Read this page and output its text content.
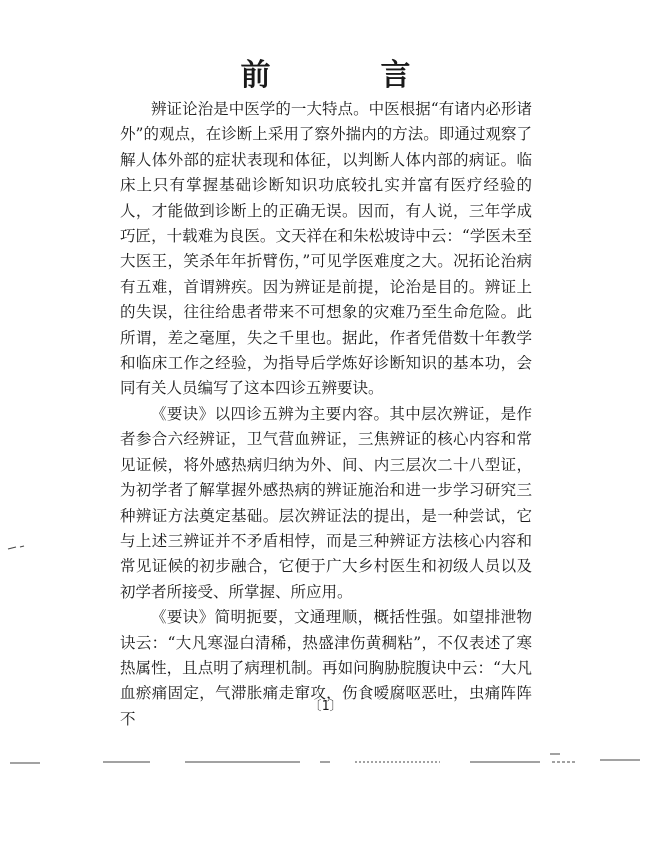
前　言

辨证论治是中医学的一大特点。中医根据“有诸内必形诸外”的观点，在诊断上采用了察外揣内的方法。即通过观察了解人体外部的症状表现和体征，以判断人体内部的病证。临床上只有掌握基础诊断知识功底较扎实并富有医疗经验的人，才能做到诊断上的正确无误。因而，有人说，三年学成巧匠，十载难为良医。文天祥在和朱松坡诗中云：“学医未至大医王，笑杀年年折臂伤，”可见学医难度之大。况拓论治病有五难，首谓辨疾。因为辨证是前提，论治是目的。辨证上的失误，往往给患者带来不可想象的灾难乃至生命危险。此所谓，差之毫厘，失之千里也。据此，作者凭借数十年教学和临床工作之经验，为指导后学炼好诊断知识的基本功，会同有关人员编写了这本四诊五辨要诀。

《要诀》以四诊五辨为主要内容。其中层次辨证，是作者参合六经辨证，卫气营血辨证，三焦辨证的核心内容和常见证候，将外感热病归纳为外、间、内三层次二十八型证，为初学者了解掌握外感热病的辨证施治和进一步学习研究三种辨证方法奠定基础。层次辨证法的提出，是一种尝试，它与上述三辨证并不矛盾相悖，而是三种辨证方法核心内容和常见证候的初步融合，它便于广大乡村医生和初级人员以及初学者所接受、所掌握、所应用。

《要诀》简明扼要，文通理顺，概括性强。如望排泄物诀云：“大凡寒湿白清稀，热盛津伤黄稠粘”，不仅表述了寒热属性，且点明了病理机制。再如问胸胁脘腹诀中云：“大凡血瘀痛固定，气滞胀痛走窜攻，伤食嗳腐呕恶吐，虫痛阵阵不

〔1〕
